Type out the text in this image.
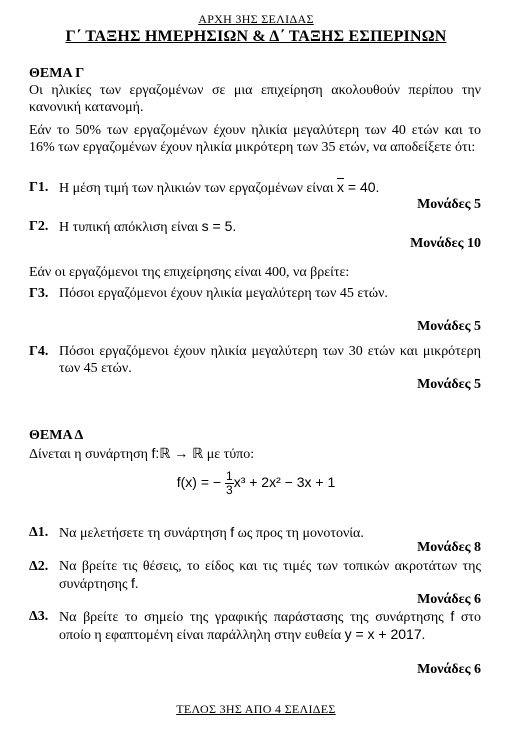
ΑΡΧΗ 3ΗΣ ΣΕΛΙΔΑΣ
Γ΄ ΤΑΞΗΣ ΗΜΕΡΗΣΙΩΝ & Δ΄ ΤΑΞΗΣ ΕΣΠΕΡΙΝΩΝ
ΘΕΜΑ Γ
Οι ηλικίες των εργαζομένων σε μια επιχείρηση ακολουθούν περίπου την κανονική κατανομή.
Εάν το 50% των εργαζομένων έχουν ηλικία μεγαλύτερη των 40 ετών και το 16% των εργαζομένων έχουν ηλικία μικρότερη των 35 ετών, να αποδείξετε ότι:
Γ1. Η μέση τιμή των ηλικιών των εργαζομένων είναι $\overline{x} = 40$.
Μονάδες 5
Γ2. Η τυπική απόκλιση είναι s = 5.
Μονάδες 10
Εάν οι εργαζόμενοι της επιχείρησης είναι 400, να βρείτε:
Γ3. Πόσοι εργαζόμενοι έχουν ηλικία μεγαλύτερη των 45 ετών.
Μονάδες 5
Γ4. Πόσοι εργαζόμενοι έχουν ηλικία μεγαλύτερη των 30 ετών και μικρότερη των 45 ετών.
Μονάδες 5
ΘΕΜΑ Δ
Δίνεται η συνάρτηση f:ℝ → ℝ με τύπο:
f(x) = − $\frac{1}{3} x^3 + 2x^2 - 3x + 1$
Δ1. Να μελετήσετε τη συνάρτηση f ως προς τη μονοτονία.
Μονάδες 8
Δ2. Να βρείτε τις θέσεις, το είδος και τις τιμές των τοπικών ακροτάτων της συνάρτησης f.
Μονάδες 6
Δ3. Να βρείτε το σημείο της γραφικής παράστασης της συνάρτησης f στο οποίο η εφαπτομένη είναι παράλληλη στην ευθεία y = x + 2017.
Μονάδες 6
ΤΕΛΟΣ 3ΗΣ ΑΠΟ 4 ΣΕΛΙΔΕΣ
